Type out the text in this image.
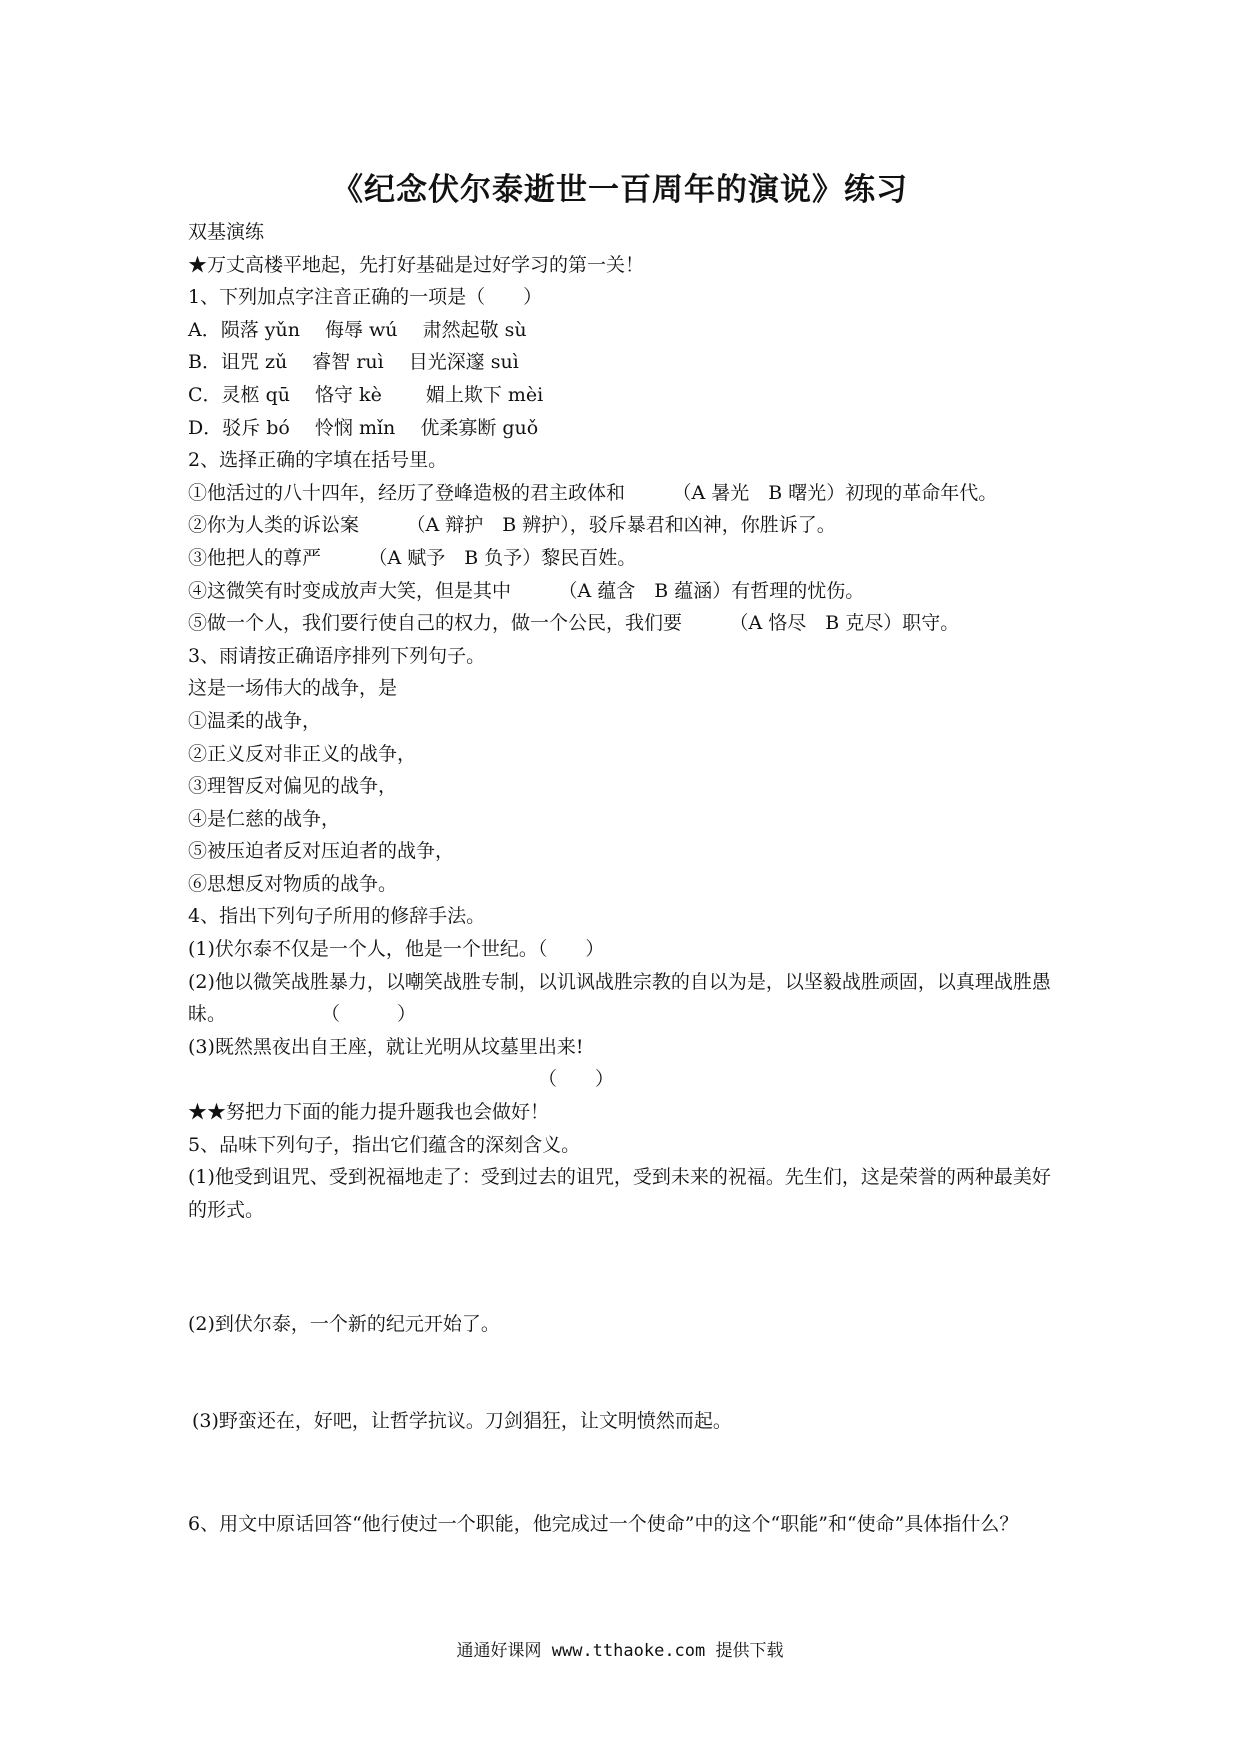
《纪念伏尔泰逝世一百周年的演说》练习
双基演练
★万丈高楼平地起，先打好基础是过好学习的第一关！
1、下列加点字注音正确的一项是（　　）
A．陨落 yǔn　 侮辱 wú　 肃然起敬 sù
B．诅咒 zǔ　 睿智 ruì　 目光深邃 suì
C．灵柩 qū　 恪守 kè　　 媚上欺下 mèi
D．驳斥 bó　 怜悯 mǐn　 优柔寡断 guǒ
2、选择正确的字填在括号里。
①他活过的八十四年，经历了登峰造极的君主政体和　　　（A 暑光　B 曙光）初现的革命年代。
②你为人类的诉讼案　　　（A 辩护　B 辨护），驳斥暴君和凶神，你胜诉了。
③他把人的尊严　　　（A 赋予　B 负予）黎民百姓。
④这微笑有时变成放声大笑，但是其中　　　（A 蕴含　B 蕴涵）有哲理的忧伤。
⑤做一个人，我们要行使自己的权力，做一个公民，我们要　　　（A 恪尽　B 克尽）职守。
3、雨请按正确语序排列下列句子。
这是一场伟大的战争，是
①温柔的战争，
②正义反对非正义的战争，
③理智反对偏见的战争，
④是仁慈的战争，
⑤被压迫者反对压迫者的战争，
⑥思想反对物质的战争。
4、指出下列句子所用的修辞手法。
(1)伏尔泰不仅是一个人，他是一个世纪。（　　）
(2)他以微笑战胜暴力，以嘲笑战胜专制，以讥讽战胜宗教的自以为是，以坚毅战胜顽固，以真理战胜愚昧。　　　　　　（　　　）
(3)既然黑夜出自王座，就让光明从坟墓里出来!
（　　）
★★努把力下面的能力提升题我也会做好！
5、品味下列句子，指出它们蕴含的深刻含义。
(1)他受到诅咒、受到祝福地走了：受到过去的诅咒，受到未来的祝福。先生们，这是荣誉的两种最美好的形式。
(2)到伏尔泰，一个新的纪元开始了。
(3)野蛮还在，好吧，让哲学抗议。刀剑猖狂，让文明愤然而起。
6、用文中原话回答“他行使过一个职能，他完成过一个使命”中的这个“职能”和“使命”具体指什么？
通通好课网 www.tthaoke.com 提供下载
